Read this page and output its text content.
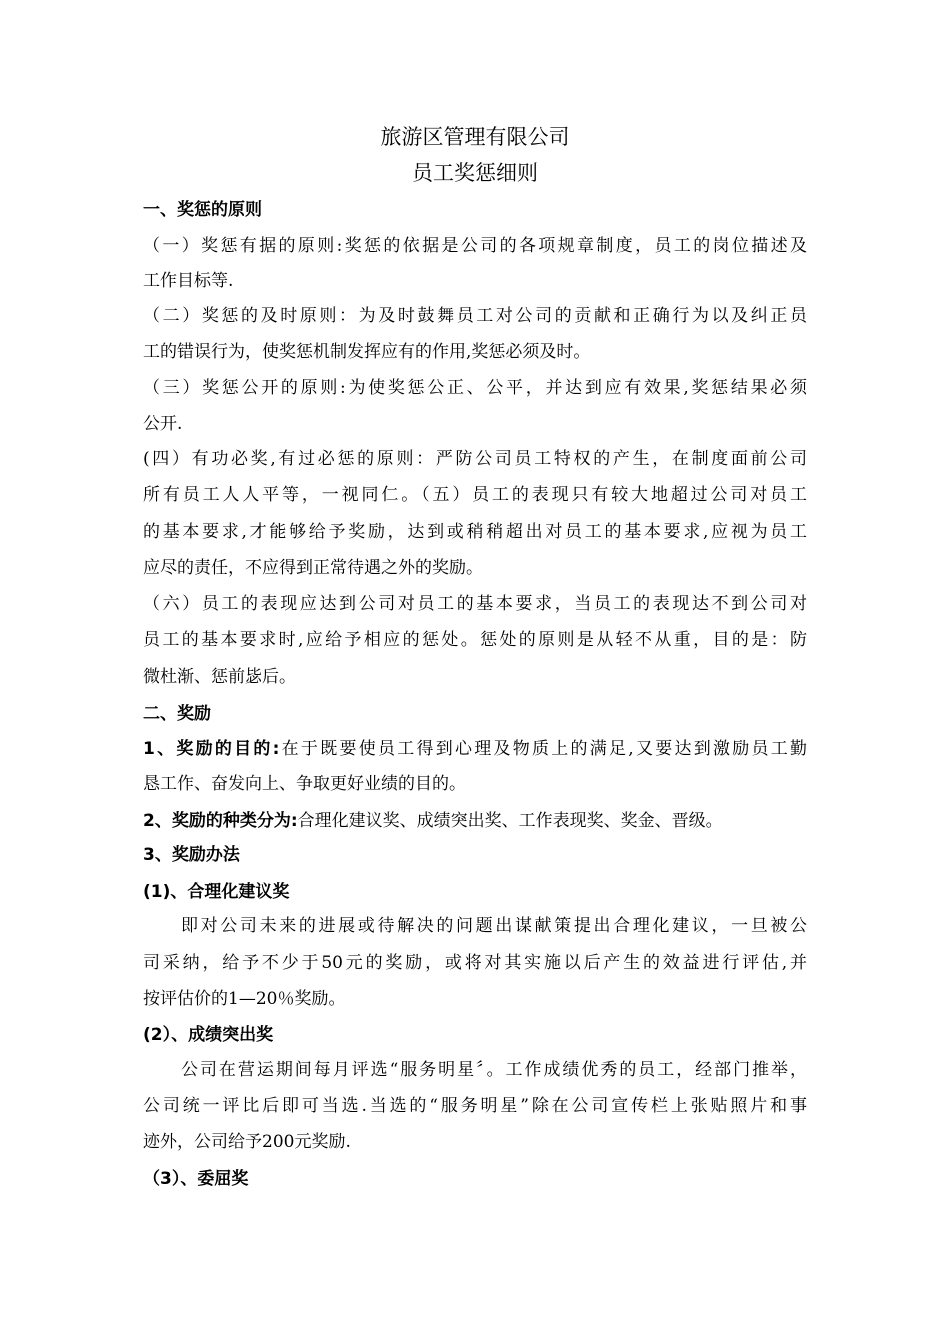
旅游区管理有限公司
员工奖惩细则
一、奖惩的原则
（一）奖惩有据的原则:奖惩的依据是公司的各项规章制度，员工的岗位描述及
工作目标等.
（二）奖惩的及时原则：为及时鼓舞员工对公司的贡献和正确行为以及纠正员
工的错误行为，使奖惩机制发挥应有的作用,奖惩必须及时。
（三）奖惩公开的原则:为使奖惩公正、公平，并达到应有效果,奖惩结果必须
公开.
(四）有功必奖,有过必惩的原则：严防公司员工特权的产生，在制度面前公司
所有员工人人平等，一视同仁。（五）员工的表现只有较大地超过公司对员工
的基本要求,才能够给予奖励，达到或稍稍超出对员工的基本要求,应视为员工
应尽的责任，不应得到正常待遇之外的奖励。
（六）员工的表现应达到公司对员工的基本要求，当员工的表现达不到公司对
员工的基本要求时,应给予相应的惩处。惩处的原则是从轻不从重，目的是：防
微杜渐、惩前毖后。
二、奖励
1、奖励的目的:在于既要使员工得到心理及物质上的满足,又要达到激励员工勤
恳工作、奋发向上、争取更好业绩的目的。
2、奖励的种类分为:合理化建议奖、成绩突出奖、工作表现奖、奖金、晋级。
3、奖励办法
(1)、合理化建议奖
即对公司未来的进展或待解决的问题出谋献策提出合理化建议，一旦被公
司采纳，给予不少于50元的奖励，或将对其实施以后产生的效益进行评估,并
按评估价的1—20％奖励。
(2）、成绩突出奖
公司在营运期间每月评选“服务明星〞。工作成绩优秀的员工，经部门推举，
公司统一评比后即可当选.当选的“服务明星”除在公司宣传栏上张贴照片和事
迹外，公司给予200元奖励.
（3）、委屈奖
